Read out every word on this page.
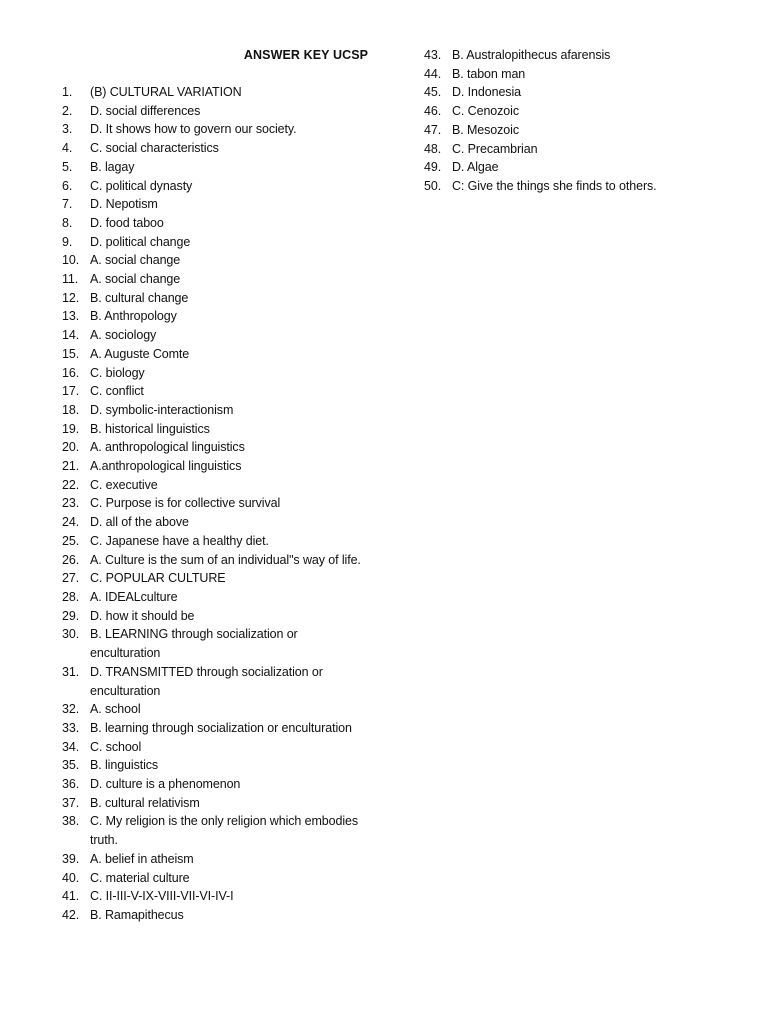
ANSWER KEY UCSP
1.	(B) CULTURAL VARIATION
2.	D. social differences
3.	D. It shows how to govern our society.
4.	C. social characteristics
5.	B. lagay
6.	C. political dynasty
7.	D. Nepotism
8.	D. food taboo
9.	D. political change
10. A. social change
11. A. social change
12. B. cultural change
13. B. Anthropology
14. A. sociology
15. A. Auguste Comte
16. C. biology
17. C. conflict
18. D. symbolic-interactionism
19. B. historical linguistics
20. A. anthropological linguistics
21. A.anthropological linguistics
22. C. executive
23. C. Purpose is for collective survival
24. D. all of the above
25. C. Japanese have a healthy diet.
26. A. Culture is the sum of an individual"s way of life.
27. C. POPULAR CULTURE
28. A. IDEALculture
29. D. how it should be
30. B. LEARNING through socialization or enculturation
31. D. TRANSMITTED through socialization or enculturation
32. A. school
33. B. learning through socialization or enculturation
34. C. school
35. B. linguistics
36. D. culture is a phenomenon
37. B. cultural relativism
38. C. My religion is the only religion which embodies truth.
39. A. belief in atheism
40. C. material culture
41. C. II-III-V-IX-VIII-VII-VI-IV-I
42. B. Ramapithecus
43. B. Australopithecus afarensis
44. B. tabon man
45. D. Indonesia
46. C. Cenozoic
47. B. Mesozoic
48. C. Precambrian
49. D. Algae
50. C: Give the things she finds to others.
